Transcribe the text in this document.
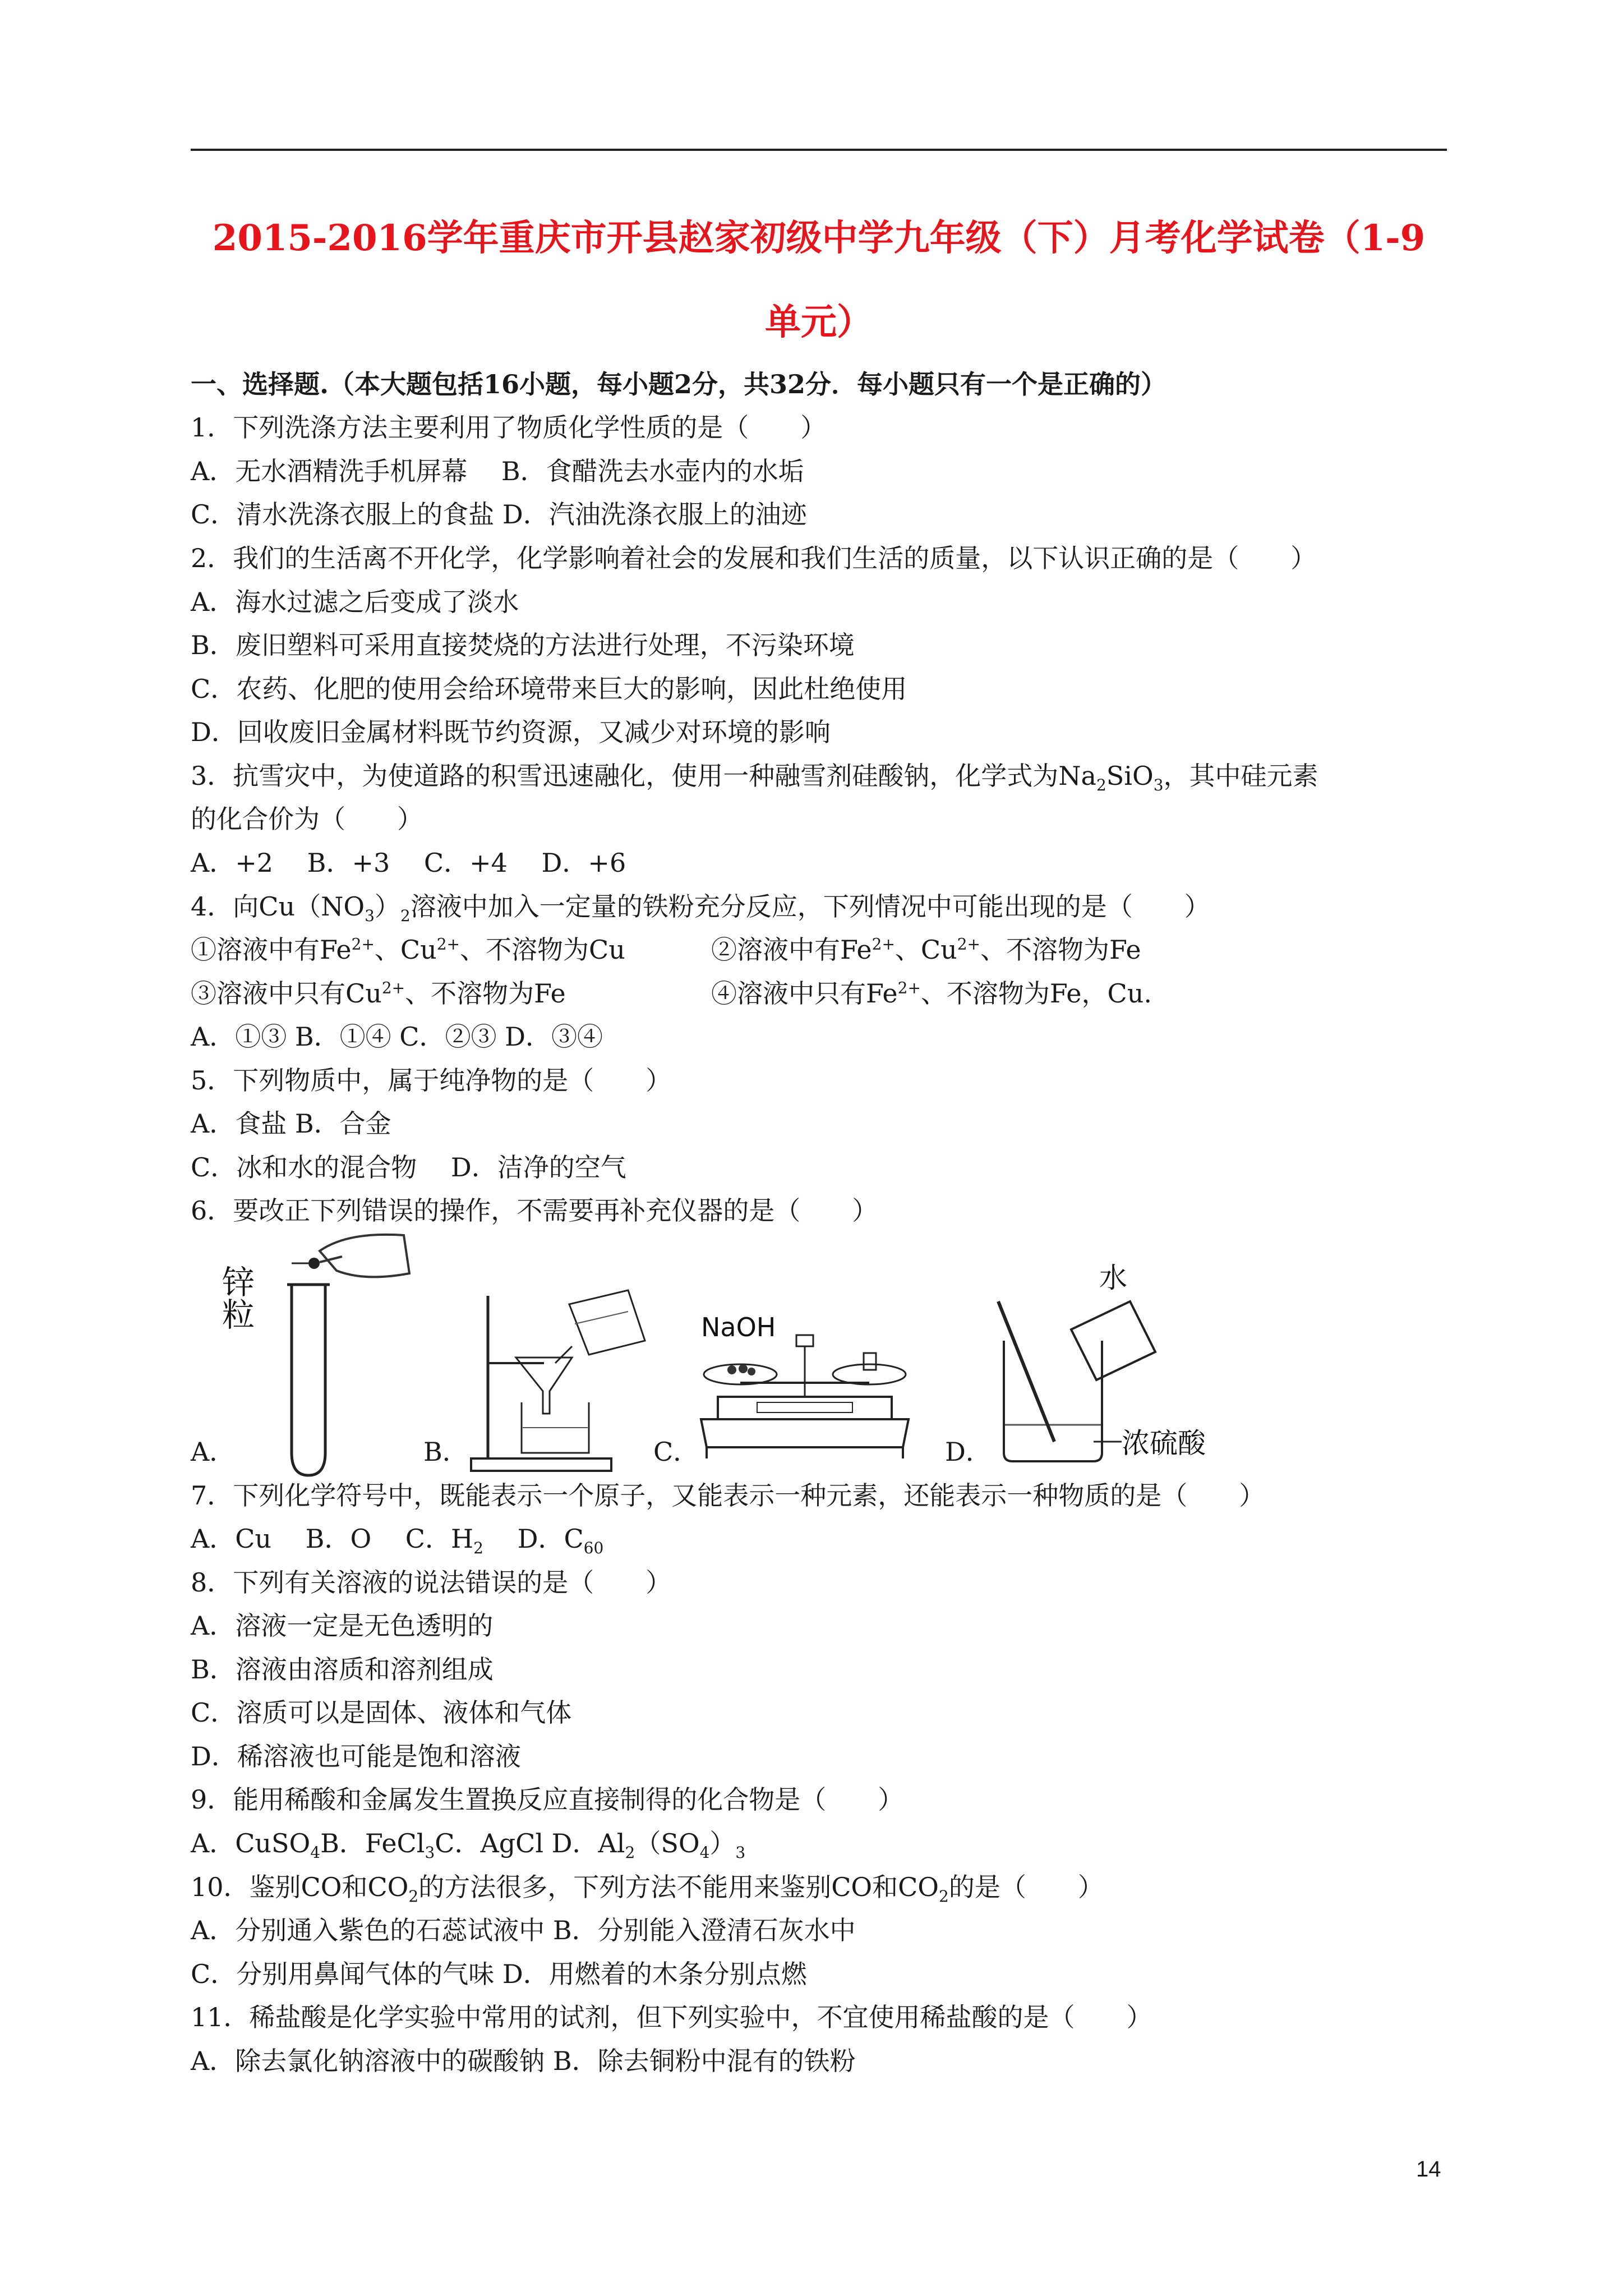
2015-2016学年重庆市开县赵家初级中学九年级（下）月考化学试卷（1-9
单元）
一、选择题.（本大题包括16小题，每小题2分，共32分．每小题只有一个是正确的）
1．下列洗涤方法主要利用了物质化学性质的是（　　）
A．无水酒精洗手机屏幕　 B．食醋洗去水壶内的水垢
C．清水洗涤衣服上的食盐 D．汽油洗涤衣服上的油迹
2．我们的生活离不开化学，化学影响着社会的发展和我们生活的质量，以下认识正确的是（　　）
A．海水过滤之后变成了淡水
B．废旧塑料可采用直接焚烧的方法进行处理，不污染环境
C．农药、化肥的使用会给环境带来巨大的影响，因此杜绝使用
D．回收废旧金属材料既节约资源，又减少对环境的影响
3．抗雪灾中，为使道路的积雪迅速融化，使用一种融雪剂硅酸钠，化学式为$Na_2SiO_3$，其中硅元素
的化合价为（　　）
A．+2　 B．+3　 C．+4　 D．+6
4．向$Cu(NO_3)_2$溶液中加入一定量的铁粉充分反应，下列情况中可能出现的是（　　）
①溶液中有$Fe^{2+}$、$Cu^{2+}$、不溶物为Cu	②溶液中有$Fe^{2+}$、$Cu^{2+}$、不溶物为Fe
③溶液中只有$Cu^{2+}$、不溶物为Fe	④溶液中只有$Fe^{2+}$、不溶物为Fe，Cu.
A．①③ B．①④ C．②③ D．③④
5．下列物质中，属于纯净物的是（　　）
A．食盐 B．合金
C．冰和水的混合物　 D．洁净的空气
6．要改正下列错误的操作，不需要再补充仪器的是（　　）
锌粒
A．	B．
NaOH
C．
水
浓硫酸
D．
7．下列化学符号中，既能表示一个原子，又能表示一种元素，还能表示一种物质的是（　　）
A．Cu　 B．O　 C．$H_2$　 D．$C_{60}$
8．下列有关溶液的说法错误的是（　　）
A．溶液一定是无色透明的
B．溶液由溶质和溶剂组成
C．溶质可以是固体、液体和气体
D．稀溶液也可能是饱和溶液
9．能用稀酸和金属发生置换反应直接制得的化合物是（　　）
A．CuSO$_4$B．FeCl$_3$C．AgCl D．$Al_2(SO_4)_3$
10．鉴别CO和$CO_2$的方法很多，下列方法不能用来鉴别CO和$CO_2$的是（　　）
A．分别通入紫色的石蕊试液中 B．分别能入澄清石灰水中
C．分别用鼻闻气体的气味 D．用燃着的木条分别点燃
11．稀盐酸是化学实验中常用的试剂，但下列实验中，不宜使用稀盐酸的是（　　）
A．除去氯化钠溶液中的碳酸钠 B．除去铜粉中混有的铁粉
14
